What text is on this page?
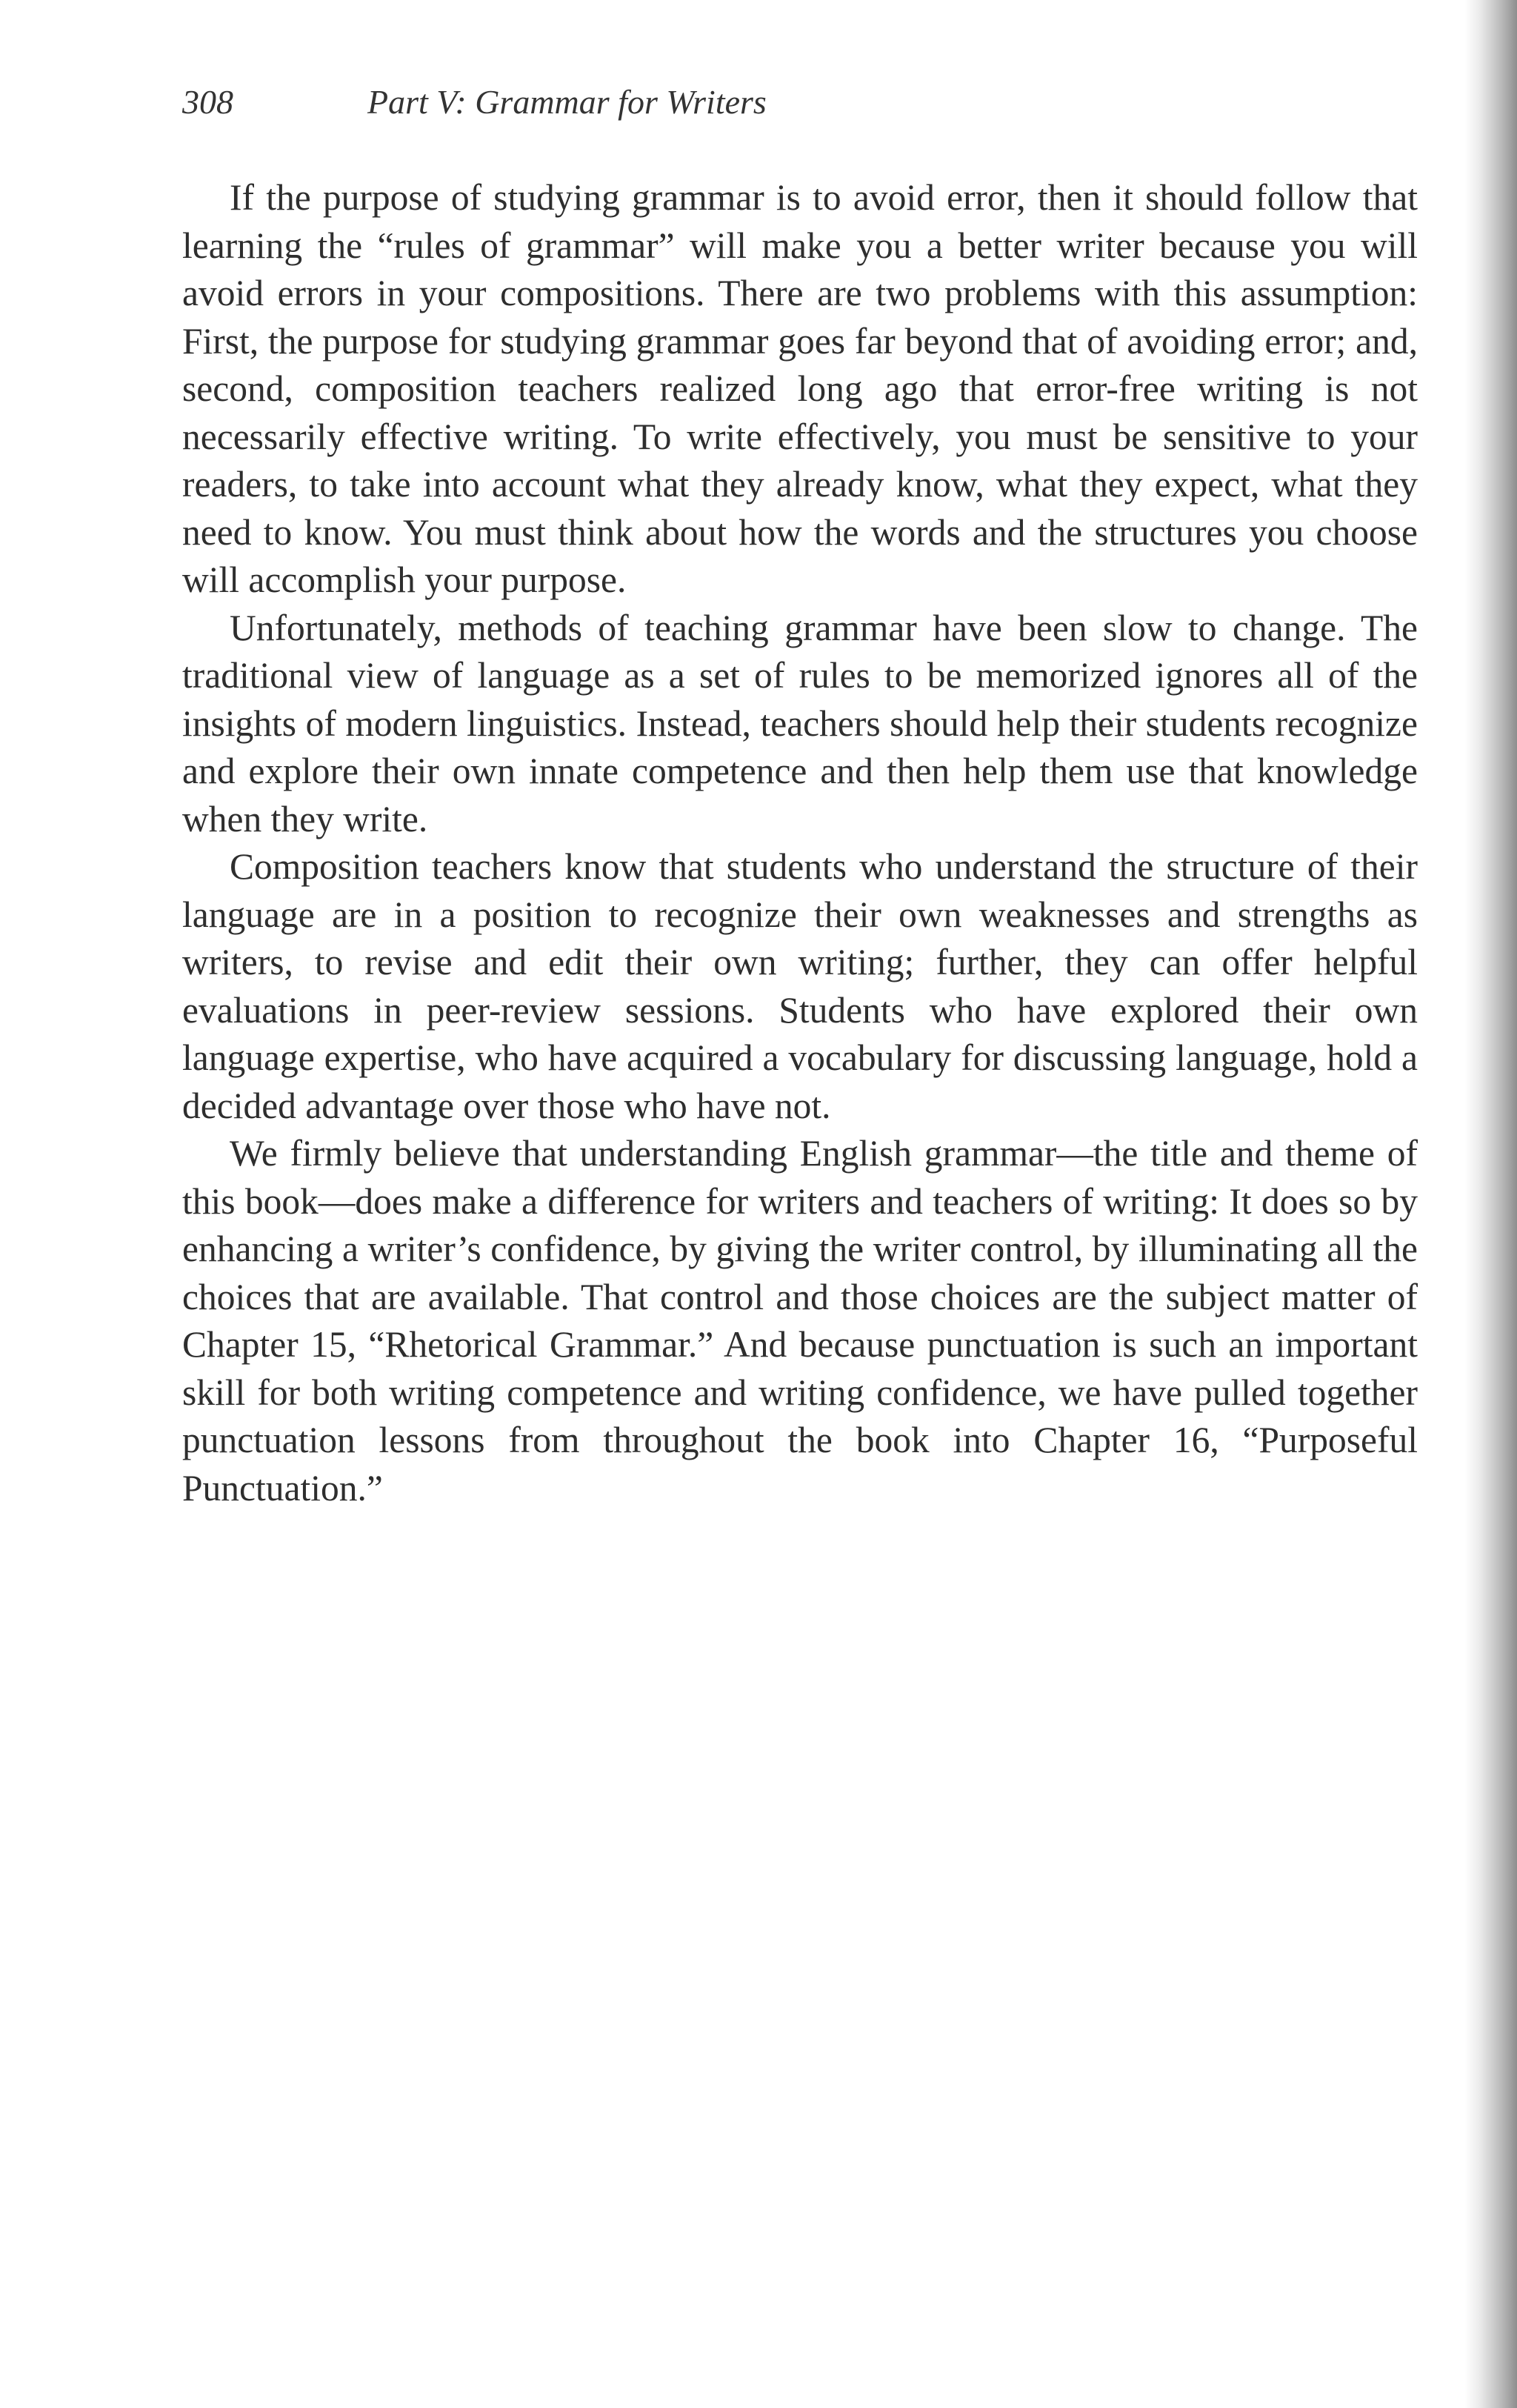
308	Part V: Grammar for Writers

If the purpose of studying grammar is to avoid error, then it should follow that learning the “rules of grammar” will make you a better writer because you will avoid errors in your compositions. There are two problems with this assumption: First, the purpose for studying grammar goes far beyond that of avoiding error; and, second, composition teachers realized long ago that error-free writing is not necessarily effective writing. To write effectively, you must be sensitive to your readers, to take into account what they already know, what they expect, what they need to know. You must think about how the words and the structures you choose will accomplish your purpose.

Unfortunately, methods of teaching grammar have been slow to change. The traditional view of language as a set of rules to be memorized ignores all of the insights of modern linguistics. Instead, teachers should help their students recognize and explore their own innate competence and then help them use that knowledge when they write.

Composition teachers know that students who understand the structure of their language are in a position to recognize their own weaknesses and strengths as writers, to revise and edit their own writing; further, they can offer helpful evaluations in peer-review sessions. Students who have explored their own language expertise, who have acquired a vocabulary for discussing language, hold a decided advantage over those who have not.

We firmly believe that understanding English grammar—the title and theme of this book—does make a difference for writers and teachers of writing: It does so by enhancing a writer’s confidence, by giving the writer control, by illuminating all the choices that are available. That control and those choices are the subject matter of Chapter 15, “Rhetorical Grammar.” And because punctuation is such an important skill for both writing competence and writing confidence, we have pulled together punctuation lessons from throughout the book into Chapter 16, “Purposeful Punctuation.”
